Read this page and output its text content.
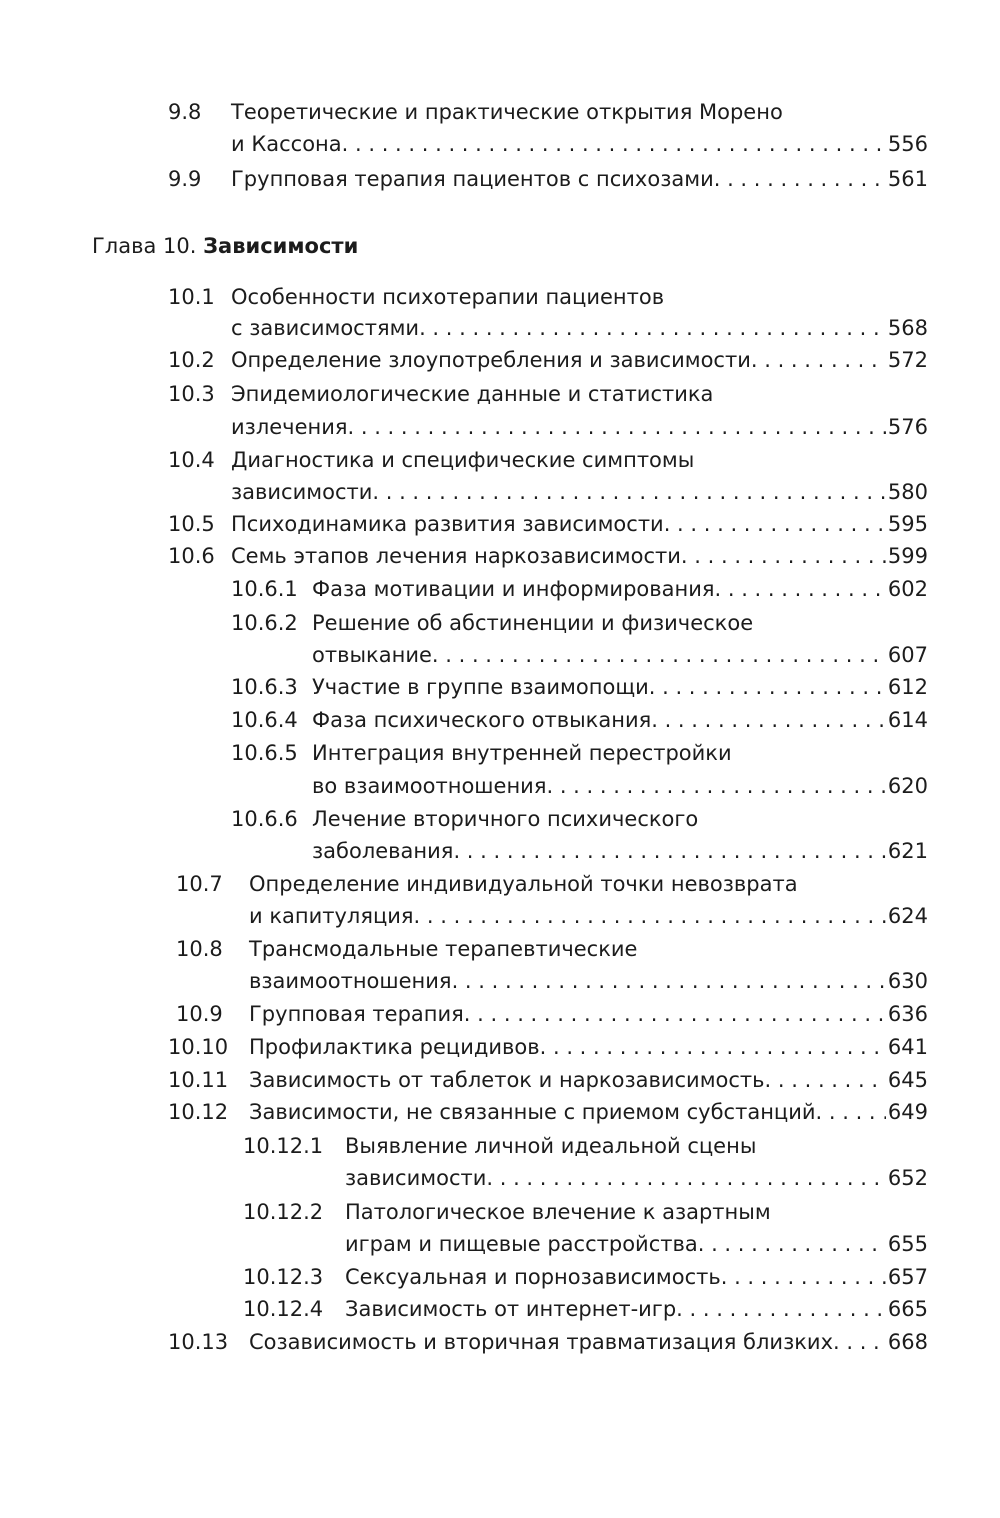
9.8 Теоретические и практические открытия Морено
и Кассона . . .	556
9.9 Групповая терапия пациентов с психозами . . .	561
Глава 10. Зависимости
10.1 Особенности психотерапии пациентов
с зависимостями . . .	568
10.2 Определение злоупотребления и зависимости . . .	572
10.3 Эпидемиологические данные и статистика
излечения . . .	576
10.4 Диагностика и специфические симптомы
зависимости . . .	580
10.5 Психодинамика развития зависимости . . .	595
10.6 Семь этапов лечения наркозависимости . . .	599
10.6.1 Фаза мотивации и информирования . . .	602
10.6.2 Решение об абстиненции и физическое
отвыкание . . .	607
10.6.3 Участие в группе взаимопощи . . .	612
10.6.4 Фаза психического отвыкания . . .	614
10.6.5 Интеграция внутренней перестройки
во взаимоотношения . . .	620
10.6.6 Лечение вторичного психического
заболевания . . .	621
10.7 Определение индивидуальной точки невозврата
и капитуляция . . .	624
10.8 Трансмодальные терапевтические
взаимоотношения . . .	630
10.9 Групповая терапия . . .	636
10.10 Профилактика рецидивов . . .	641
10.11 Зависимость от таблеток и наркозависимость . . .	645
10.12 Зависимости, не связанные с приемом субстанций . . .	649
10.12.1 Выявление личной идеальной сцены
зависимости . . .	652
10.12.2 Патологическое влечение к азартным
играм и пищевые расстройства . . .	655
10.12.3 Сексуальная и порнозависимость . . .	657
10.12.4 Зависимость от интернет-игр . . .	665
10.13 Созависимость и вторичная травматизация близких . . .	668
